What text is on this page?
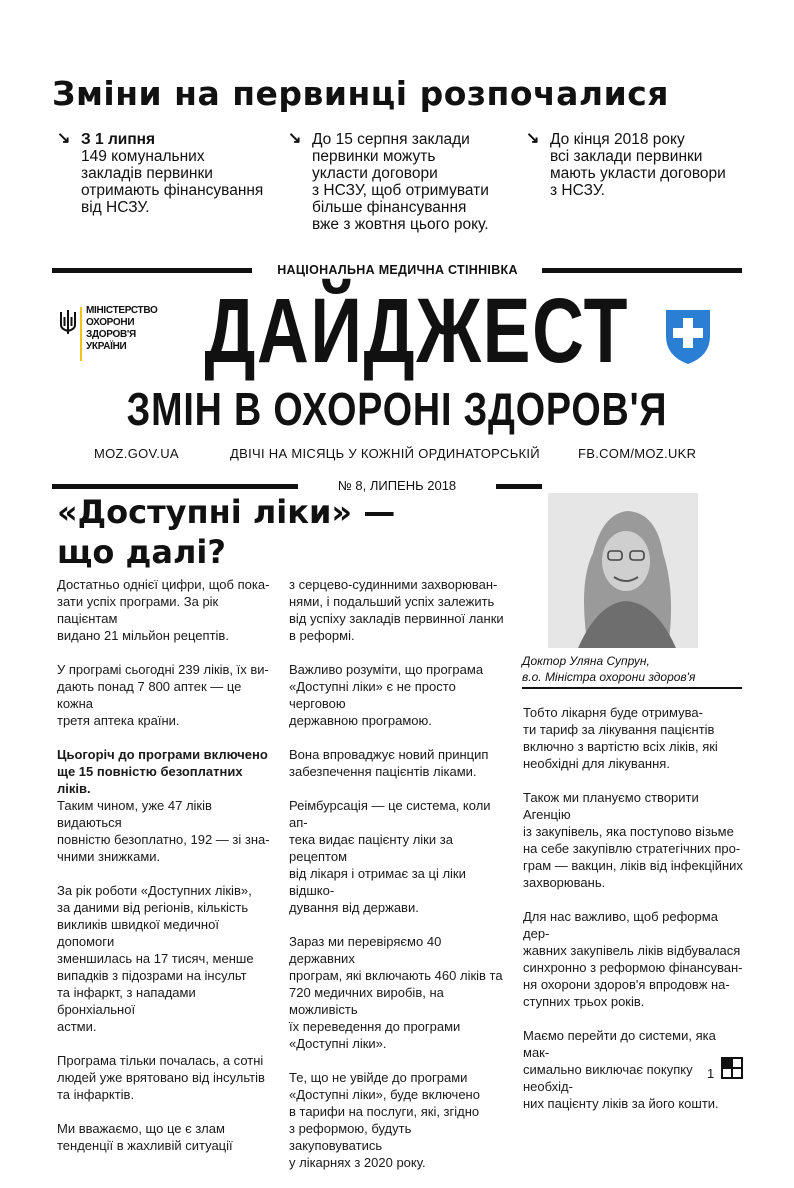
Зміни на первинці розпочалися
↘ З 1 липня
149 комунальних
закладів первинки
отримають фінансування
від НСЗУ.
↘ До 15 серпня заклади
первинки можуть
укласти договори
з НСЗУ, щоб отримувати
більше фінансування
вже з жовтня цього року.
↘ До кінця 2018 року
всі заклади первинки
мають укласти договори
з НСЗУ.
НАЦІОНАЛЬНА МЕДИЧНА СТІННІВКА
МІНІСТЕРСТВО
ОХОРОНИ
ЗДОРОВ'Я
УКРАЇНИ ДАЙДЖЕСТ
ЗМІН В ОХОРОНІ ЗДОРОВ'Я
MOZ.GOV.UA	ДВІЧІ НА МІСЯЦЬ У КОЖНІЙ ОРДИНАТОРСЬКІЙ	FB.COM/MOZ.UKR
№ 8, ЛИПЕНЬ 2018
«Доступні ліки» —
що далі?
Доктор Уляна Супрун,
в.о. Міністра охорони здоров'я

Достатньо однієї цифри, щоб пока-
зати успіх програми. За рік пацієнтам
видано 21 мільйон рецептів.

У програмі сьогодні 239 ліків, їх ви-
дають понад 7 800 аптек — це кожна
третя аптека країни.

Цьогоріч до програми включено
ще 15 повністю безоплатних ліків.
Таким чином, уже 47 ліків видаються
повністю безоплатно, 192 — зі зна-
чними знижками.

За рік роботи «Доступних ліків»,
за даними від регіонів, кількість
викликів швидкої медичної допомоги
зменшилась на 17 тисяч, менше
випадків з підозрами на інсульт
та інфаркт, з нападами бронхіальної
астми.

Програма тільки почалась, а сотні
людей уже врятовано від інсультів
та інфарктів.

Ми вважаємо, що це є злам
тенденції в жахливій ситуації

з серцево-судинними захворюван-
нями, і подальший успіх залежить
від успіху закладів первинної ланки
в реформі.

Важливо розуміти, що програма
«Доступні ліки» є не просто черговою
державною програмою.

Вона впроваджує новий принцип
забезпечення пацієнтів ліками.

Реімбурсація — це система, коли ап-
тека видає пацієнту ліки за рецептом
від лікаря і отримає за ці ліки відшко-
дування від держави.

Зараз ми перевіряємо 40 державних
програм, які включають 460 ліків та
720 медичних виробів, на можливість
їх переведення до програми
«Доступні ліки».

Те, що не увійде до програми
«Доступні ліки», буде включено
в тарифи на послуги, які, згідно
з реформою, будуть закуповуватись
у лікарнях з 2020 року.

Тобто лікарня буде отримува-
ти тариф за лікування пацієнтів
включно з вартістю всіх ліків, які
необхідні для лікування.

Також ми плануємо створити Агенцію
із закупівель, яка поступово візьме
на себе закупівлю стратегічних про-
грам — вакцин, ліків від інфекційних
захворювань.

Для нас важливо, щоб реформа дер-
жавних закупівель ліків відбувалася
синхронно з реформою фінансуван-
ня охорони здоров'я впродовж на-
ступних трьох років.

Маємо перейти до системи, яка мак-
симально виключає покупку необхід-
них пацієнту ліків за його кошти.

1
